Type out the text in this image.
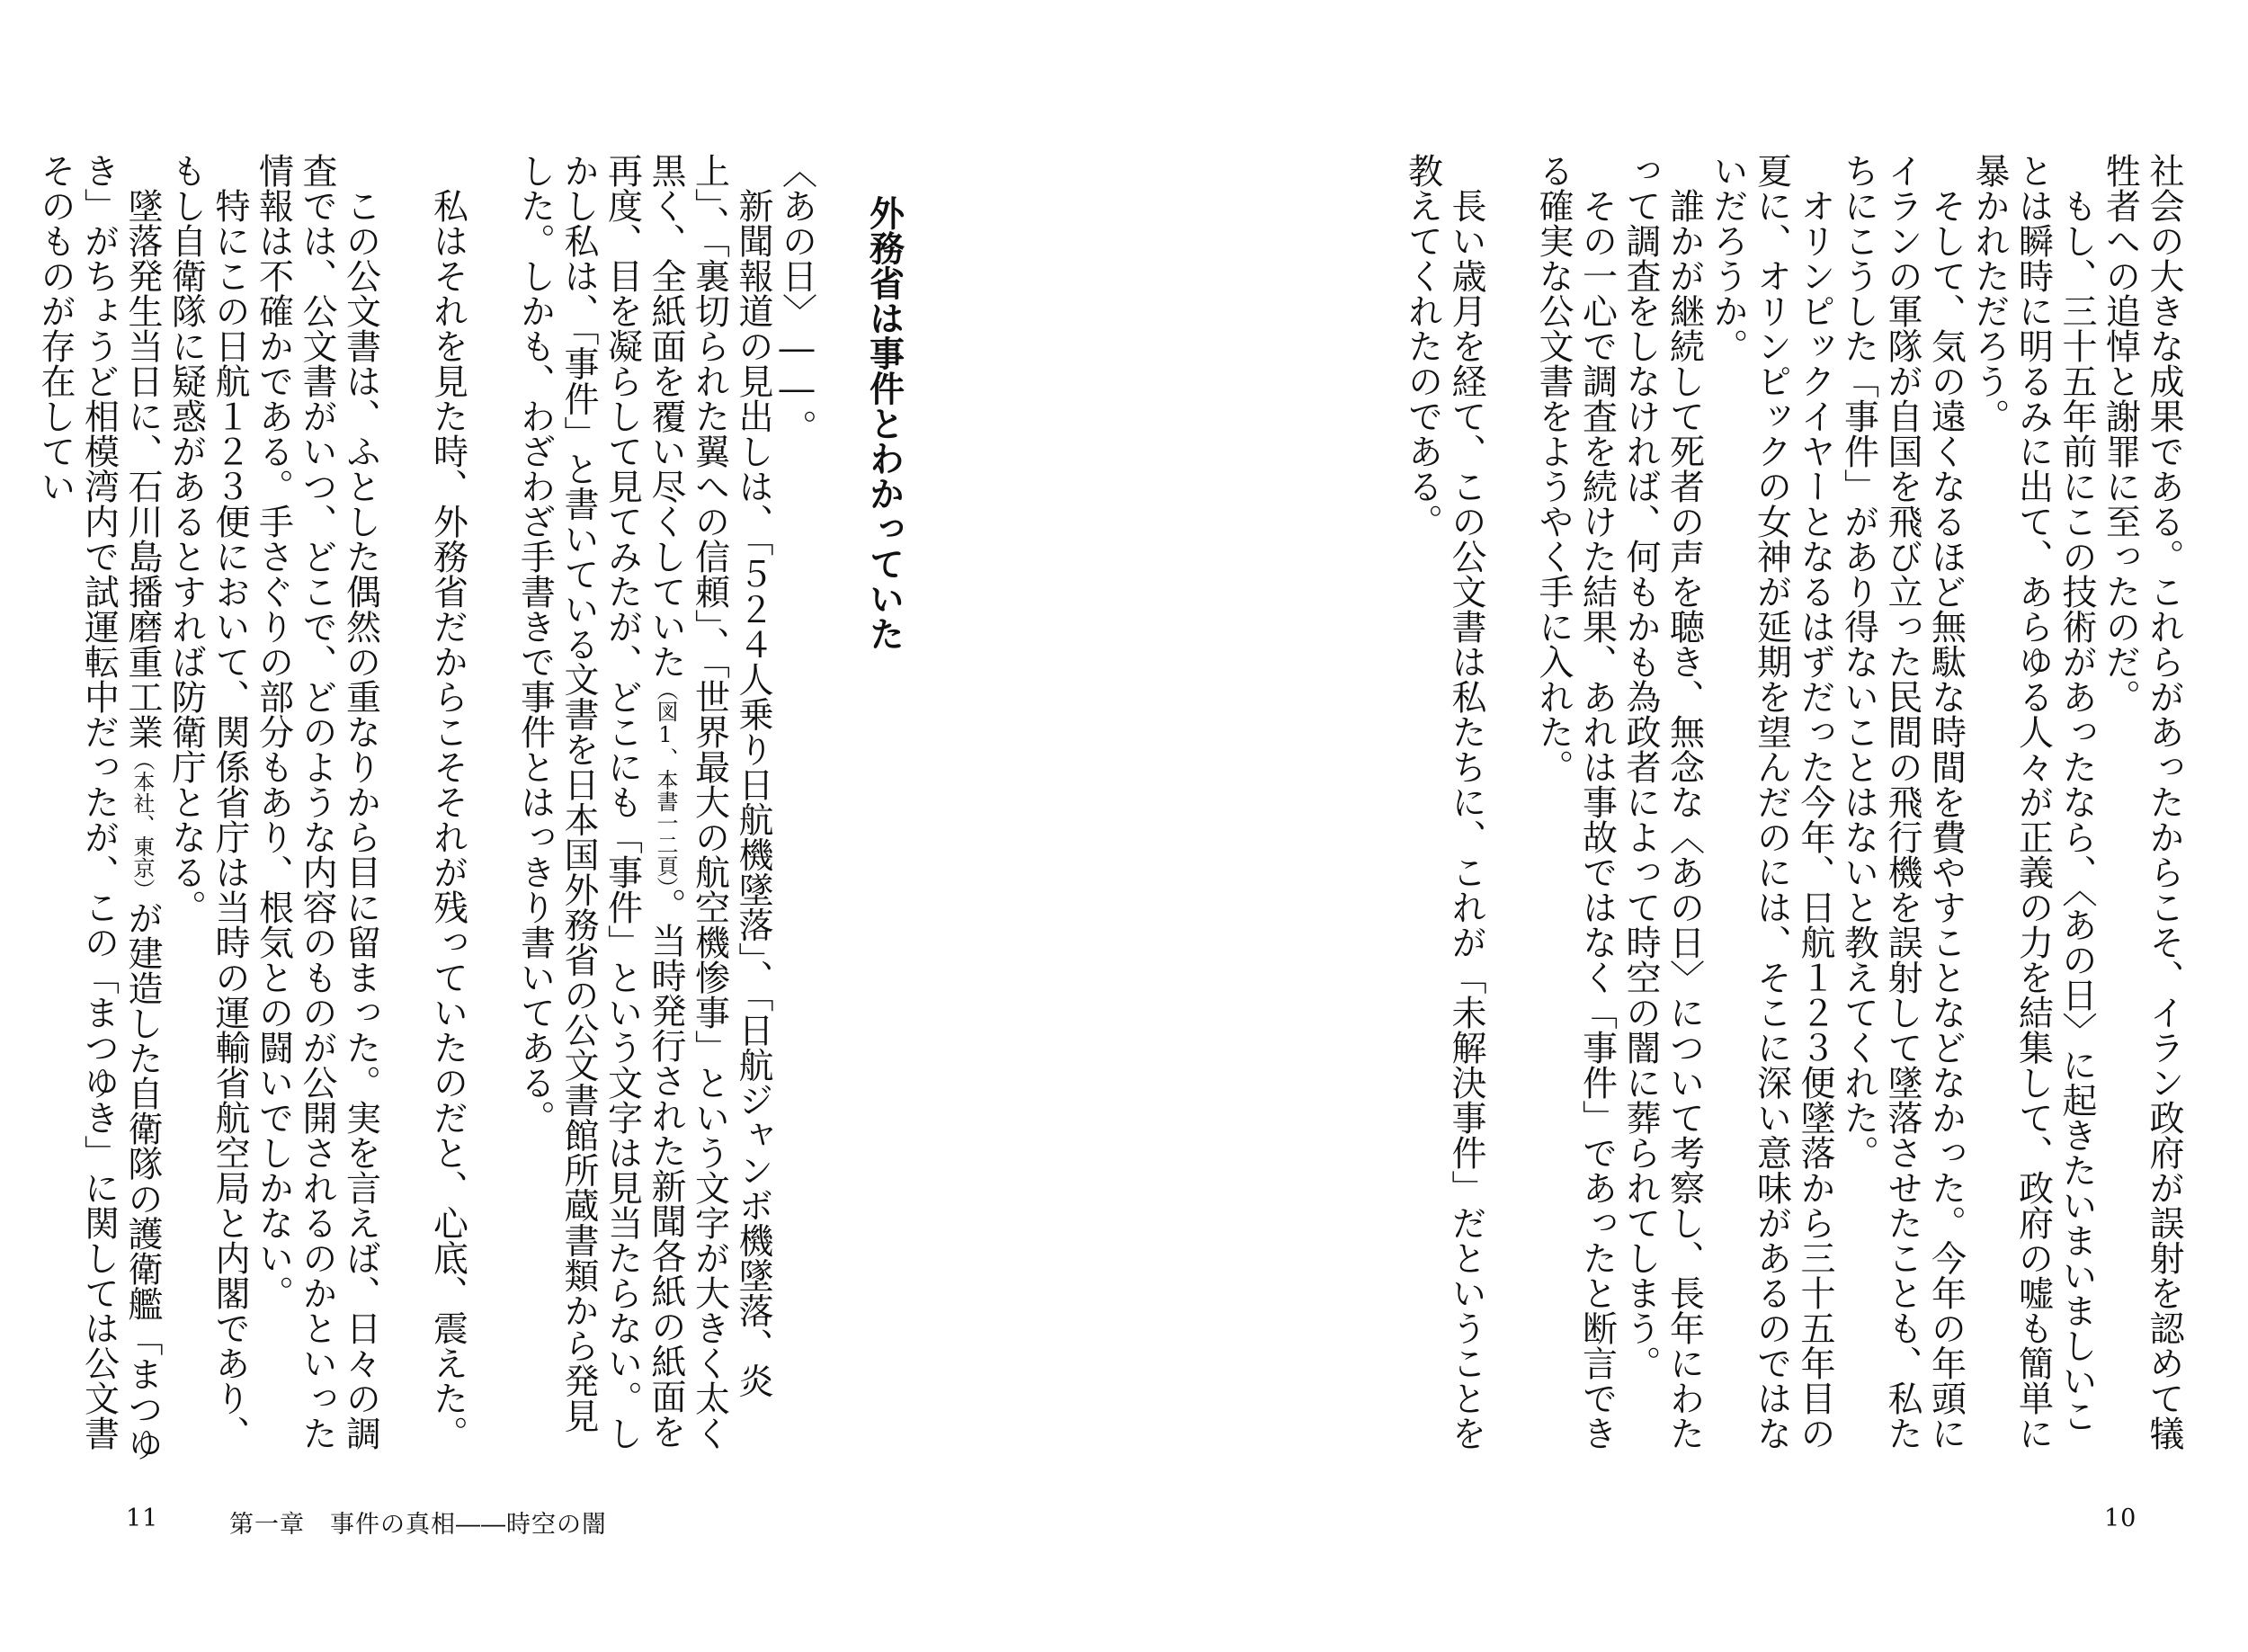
社会の大きな成果である。これらがあったからこそ、イラン政府が誤射を認めて犠牲者への追悼と謝罪に至ったのだ。

もし、三十五年前にこの技術があったなら、〈あの日〉に起きたいまいましいことは瞬時に明るみに出て、あらゆる人々が正義の力を結集して、政府の嘘も簡単に暴かれただろう。

そして、気の遠くなるほど無駄な時間を費やすことなどなかった。今年の年頭にイランの軍隊が自国を飛び立った民間の飛行機を誤射して墜落させたことも、私たちにこうした「事件」があり得ないことはないと教えてくれた。

オリンピックイヤーとなるはずだった今年、日航１２３便墜落から三十五年目の夏に、オリンピックの女神が延期を望んだのには、そこに深い意味があるのではないだろうか。

誰かが継続して死者の声を聴き、無念な〈あの日〉について考察し、長年にわたって調査をしなければ、何もかも為政者によって時空の闇に葬られてしまう。

その一心で調査を続けた結果、あれは事故ではなく「事件」であったと断言できる確実な公文書をようやく手に入れた。

長い歳月を経て、この公文書は私たちに、これが「未解決事件」だということを教えてくれたのである。

10

外務省は事件とわかっていた

〈あの日〉――。

新聞報道の見出しは、「５２４人乗り日航機墜落」、「日航ジャンボ機墜落、炎上」、「裏切られた翼への信頼」、「世界最大の航空機惨事」という文字が大きく太く黒く、全紙面を覆い尽くしていた（図1、本書一二頁）。当時発行された新聞各紙の紙面を再度、目を凝らして見てみたが、どこにも「事件」という文字は見当たらない。しかし私は、「事件」と書いている文書を日本国外務省の公文書館所蔵書類から発見した。しかも、わざわざ手書きで事件とはっきり書いてある。

私はそれを見た時、外務省だからこそそれが残っていたのだと、心底、震えた。

この公文書は、ふとした偶然の重なりから目に留まった。実を言えば、日々の調査では、公文書がいつ、どこで、どのような内容のものが公開されるのかといった情報は不確かである。手さぐりの部分もあり、根気との闘いでしかない。

特にこの日航１２３便において、関係省庁は当時の運輸省航空局と内閣であり、もし自衛隊に疑惑があるとすれば防衛庁となる。

墜落発生当日に、石川島播磨重工業（本社、東京）が建造した自衛隊の護衛艦「まつゆき」がちょうど相模湾内で試運転中だったが、この「まつゆき」に関しては公文書そのものが存在してい

11	第一章　事件の真相――時空の闇
